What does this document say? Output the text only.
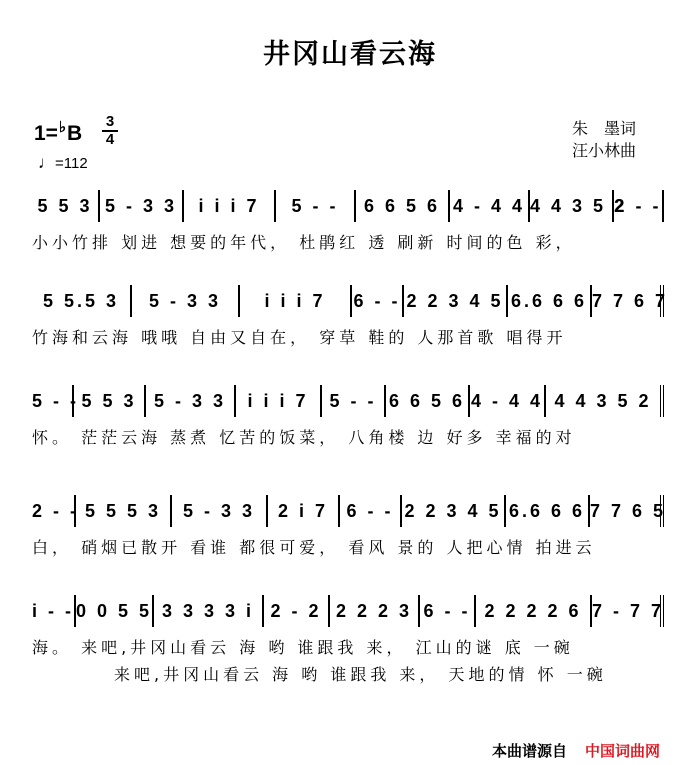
井冈山看云海
1=♭B
3
4
♩=112
朱　墨词
汪小林曲
5 5 3 5 - 3 3	i i i 7	5 - -	6 6 5 6 4 - 4 4 4 4 3 5 2
2 - -
小小竹排 划进 想要的年代， 杜鹃红 透 刷新 时间的色 彩，
5 5.5 3	5 - 3 3	i i i 7	6 - - 2 2 3 4 5 6.6 6 6 7 7 6 7
竹海和云海 哦哦 自由又自在， 穿草 鞋的 人那首歌 唱得开
5 - - 5 5 3 5 - 3 3	i i i 7	5 - - 6 6 5 6 4 - 4 4 4 4 3 5 2
怀。 茫茫云海 蒸煮 忆苦的饭菜， 八角楼 边 好多 幸福的对
2 - - 5 5 5 3	5 - 3 3	2 i 7	6 - - 2 2 3 4 5 6.6 6 6 7 7 6 5
白， 硝烟已散开 看谁 都很可爱， 看风 景的 人把心情 拍进云
i - - 0 0 5 5 3 3 3 3 i 2 - 2 2 2 2 3 6 - - 2 2 2 2 6 7 - 7 7
海。 来吧,井冈山看云 海 哟 谁跟我 来， 江山的谜 底 一碗
来吧,井冈山看云 海 哟 谁跟我 来， 天地的情 怀 一碗
本曲谱源自 中国词曲网
